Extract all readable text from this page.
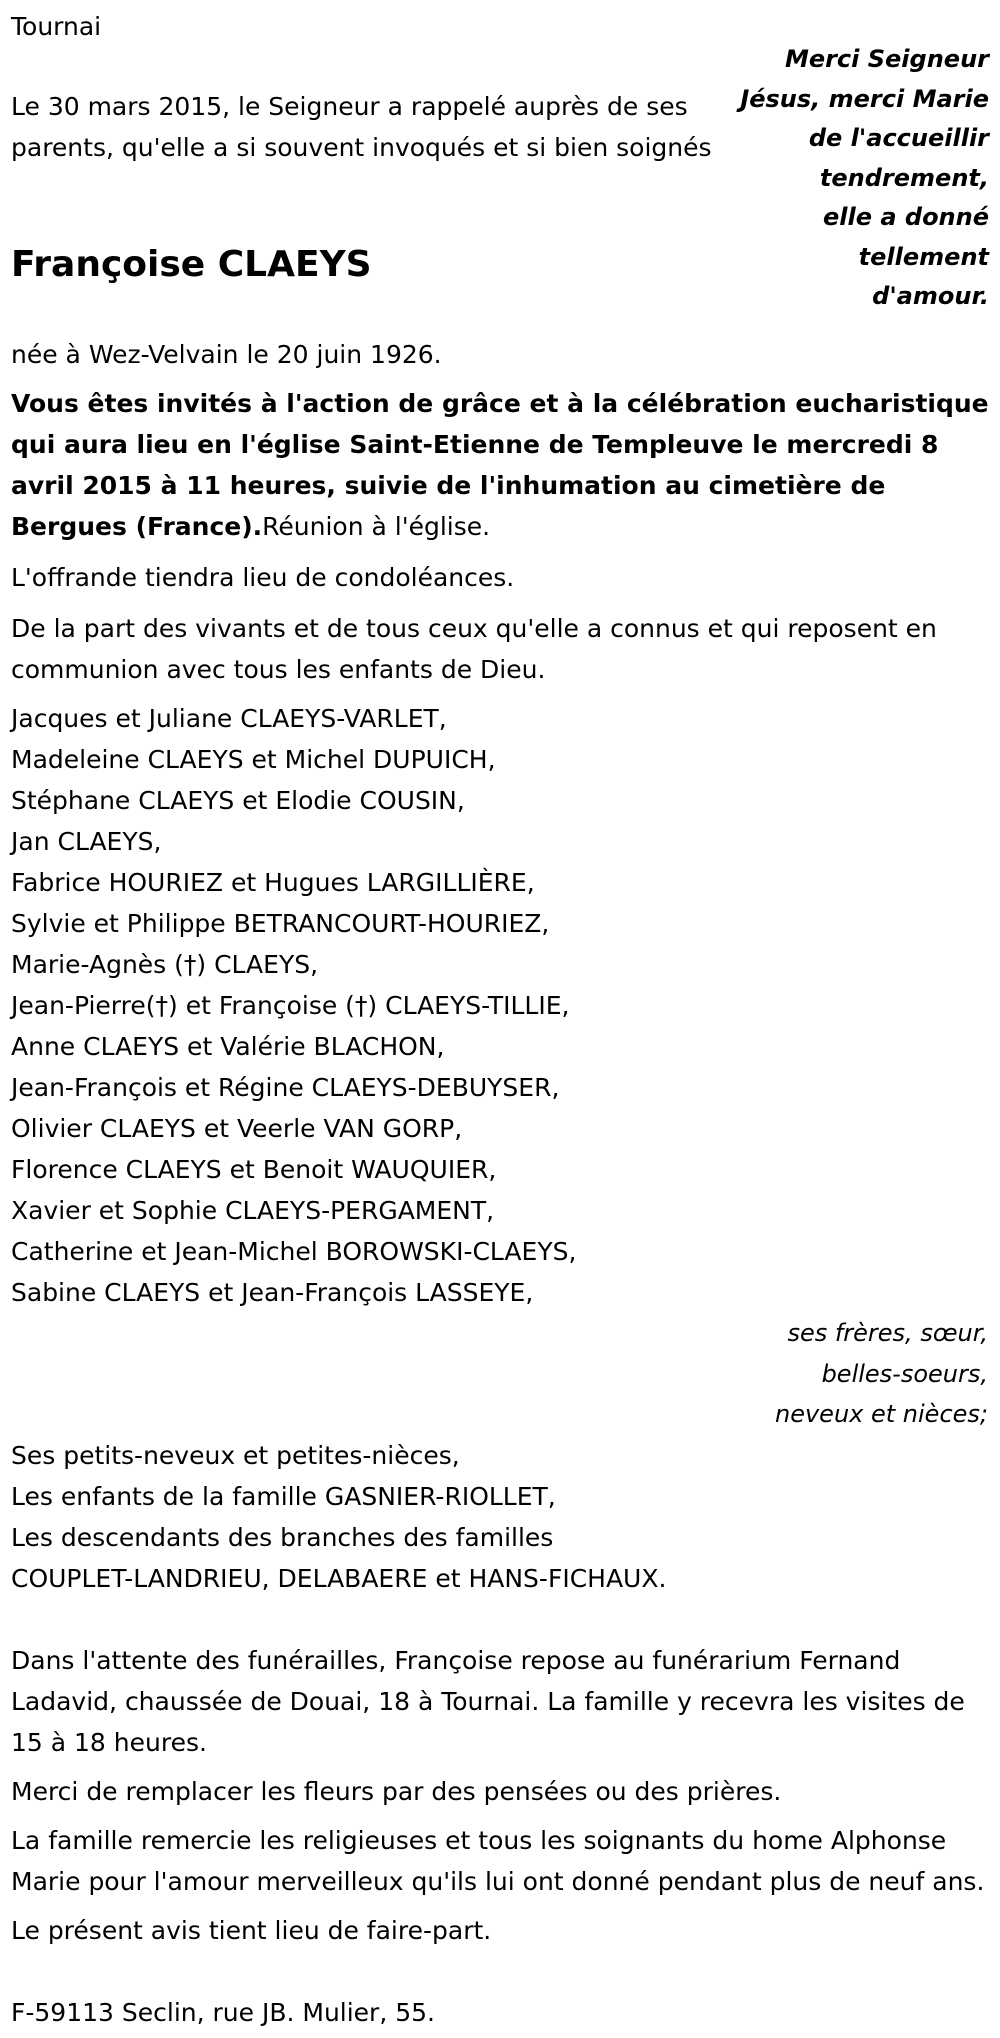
Tournai
Le 30 mars 2015, le Seigneur a rappelé auprès de ses parents, qu'elle a si souvent invoqués et si bien soignés
Merci Seigneur
Jésus, merci Marie
de l'accueillir
tendrement,
elle a donné
tellement
d'amour.
Françoise CLAEYS

née à Wez-Velvain le 20 juin 1926.

Vous êtes invités à l'action de grâce et à la célébration eucharistique qui aura lieu en l'église Saint-Etienne de Templeuve le mercredi 8 avril 2015 à 11 heures, suivie de l'inhumation au cimetière de Bergues (France).Réunion à l'église.

L'offrande tiendra lieu de condoléances.

De la part des vivants et de tous ceux qu'elle a connus et qui reposent en communion avec tous les enfants de Dieu.

Jacques et Juliane CLAEYS-VARLET,
Madeleine CLAEYS et Michel DUPUICH,
Stéphane CLAEYS et Elodie COUSIN,
Jan CLAEYS,
Fabrice HOURIEZ et Hugues LARGILLIÈRE,
Sylvie et Philippe BETRANCOURT-HOURIEZ,
Marie-Agnès (†) CLAEYS,
Jean-Pierre(†) et Françoise (†) CLAEYS-TILLIE,
Anne CLAEYS et Valérie BLACHON,
Jean-François et Régine CLAEYS-DEBUYSER,
Olivier CLAEYS et Veerle VAN GORP,
Florence CLAEYS et Benoit WAUQUIER,
Xavier et Sophie CLAEYS-PERGAMENT,
Catherine et Jean-Michel BOROWSKI-CLAEYS,
Sabine CLAEYS et Jean-François LASSEYE,
ses frères, sœur,
belles-soeurs,
neveux et nièces;
Ses petits-neveux et petites-nièces,
Les enfants de la famille GASNIER-RIOLLET,
Les descendants des branches des familles
COUPLET-LANDRIEU, DELABAERE et HANS-FICHAUX.

Dans l'attente des funérailles, Françoise repose au funérarium Fernand Ladavid, chaussée de Douai, 18 à Tournai. La famille y recevra les visites de 15 à 18 heures.

Merci de remplacer les fleurs par des pensées ou des prières.

La famille remercie les religieuses et tous les soignants du home Alphonse Marie pour l'amour merveilleux qu'ils lui ont donné pendant plus de neuf ans.

Le présent avis tient lieu de faire-part.

F-59113 Seclin, rue JB. Mulier, 55.
